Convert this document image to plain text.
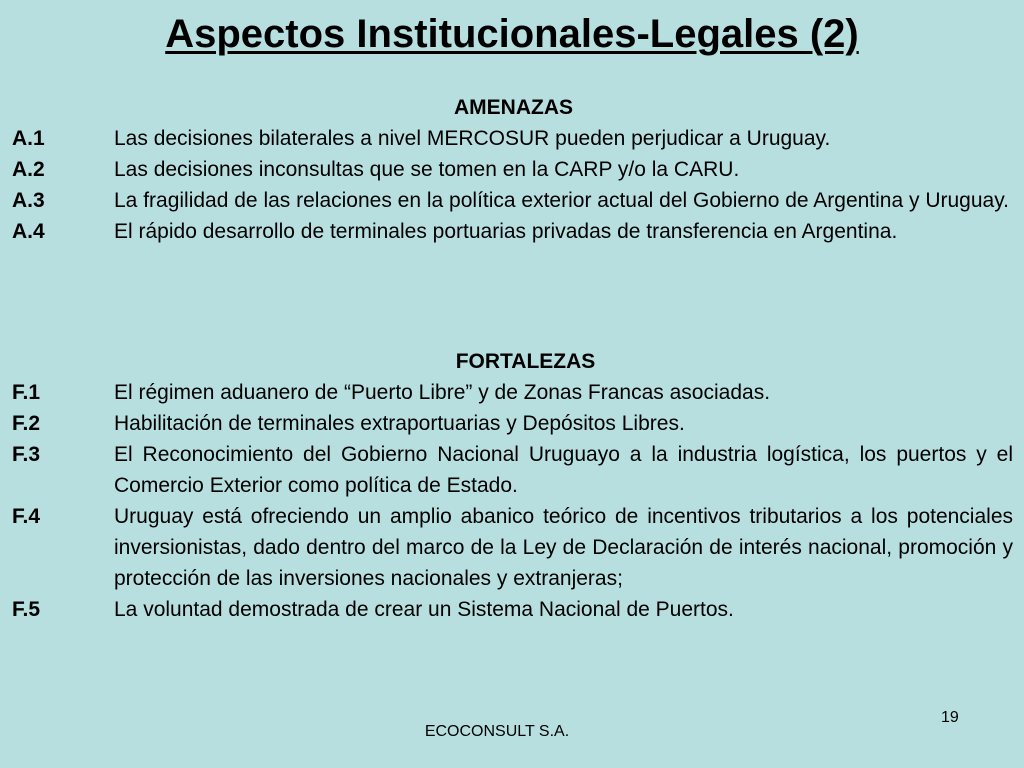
Aspectos Institucionales-Legales (2)
AMENAZAS
A.1	Las decisiones bilaterales a nivel MERCOSUR pueden perjudicar a Uruguay.
A.2	Las decisiones inconsultas que se tomen en la CARP y/o la CARU.
A.3	La fragilidad de las relaciones en la política exterior actual del Gobierno de Argentina y Uruguay.
A.4	El rápido desarrollo de terminales portuarias privadas de transferencia en Argentina.
FORTALEZAS
F.1	El régimen aduanero de “Puerto Libre” y de Zonas Francas asociadas.
F.2	Habilitación de terminales extraportuarias y Depósitos Libres.
F.3	El Reconocimiento del Gobierno Nacional Uruguayo a la industria logística, los puertos y el Comercio Exterior como política de Estado.
F.4	Uruguay está ofreciendo un amplio abanico teórico de incentivos tributarios a los potenciales inversionistas, dado dentro del marco de la Ley de Declaración de interés nacional, promoción y protección de las inversiones nacionales y extranjeras;
F.5	La voluntad demostrada de crear un Sistema Nacional de Puertos.
19
ECOCONSULT S.A.
